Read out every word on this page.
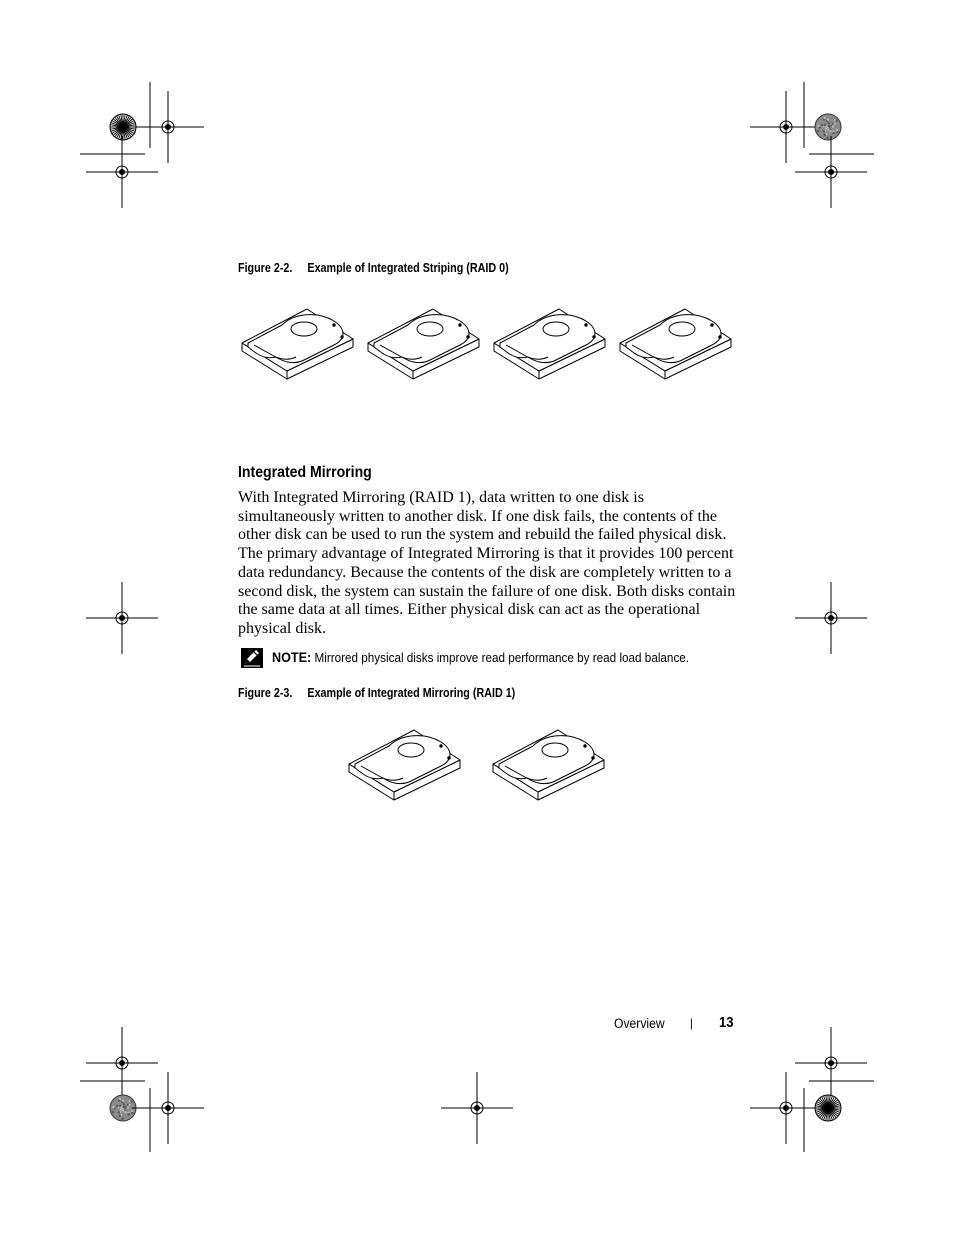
Figure 2-2. Example of Integrated Striping (RAID 0)
Integrated Mirroring
With Integrated Mirroring (RAID 1), data written to one disk is
simultaneously written to another disk. If one disk fails, the contents of the
other disk can be used to run the system and rebuild the failed physical disk.
The primary advantage of Integrated Mirroring is that it provides 100 percent
data redundancy. Because the contents of the disk are completely written to a
second disk, the system can sustain the failure of one disk. Both disks contain
the same data at all times. Either physical disk can act as the operational
physical disk.
NOTE: Mirrored physical disks improve read performance by read load balance.
Figure 2-3. Example of Integrated Mirroring (RAID 1)
Overview | 13
